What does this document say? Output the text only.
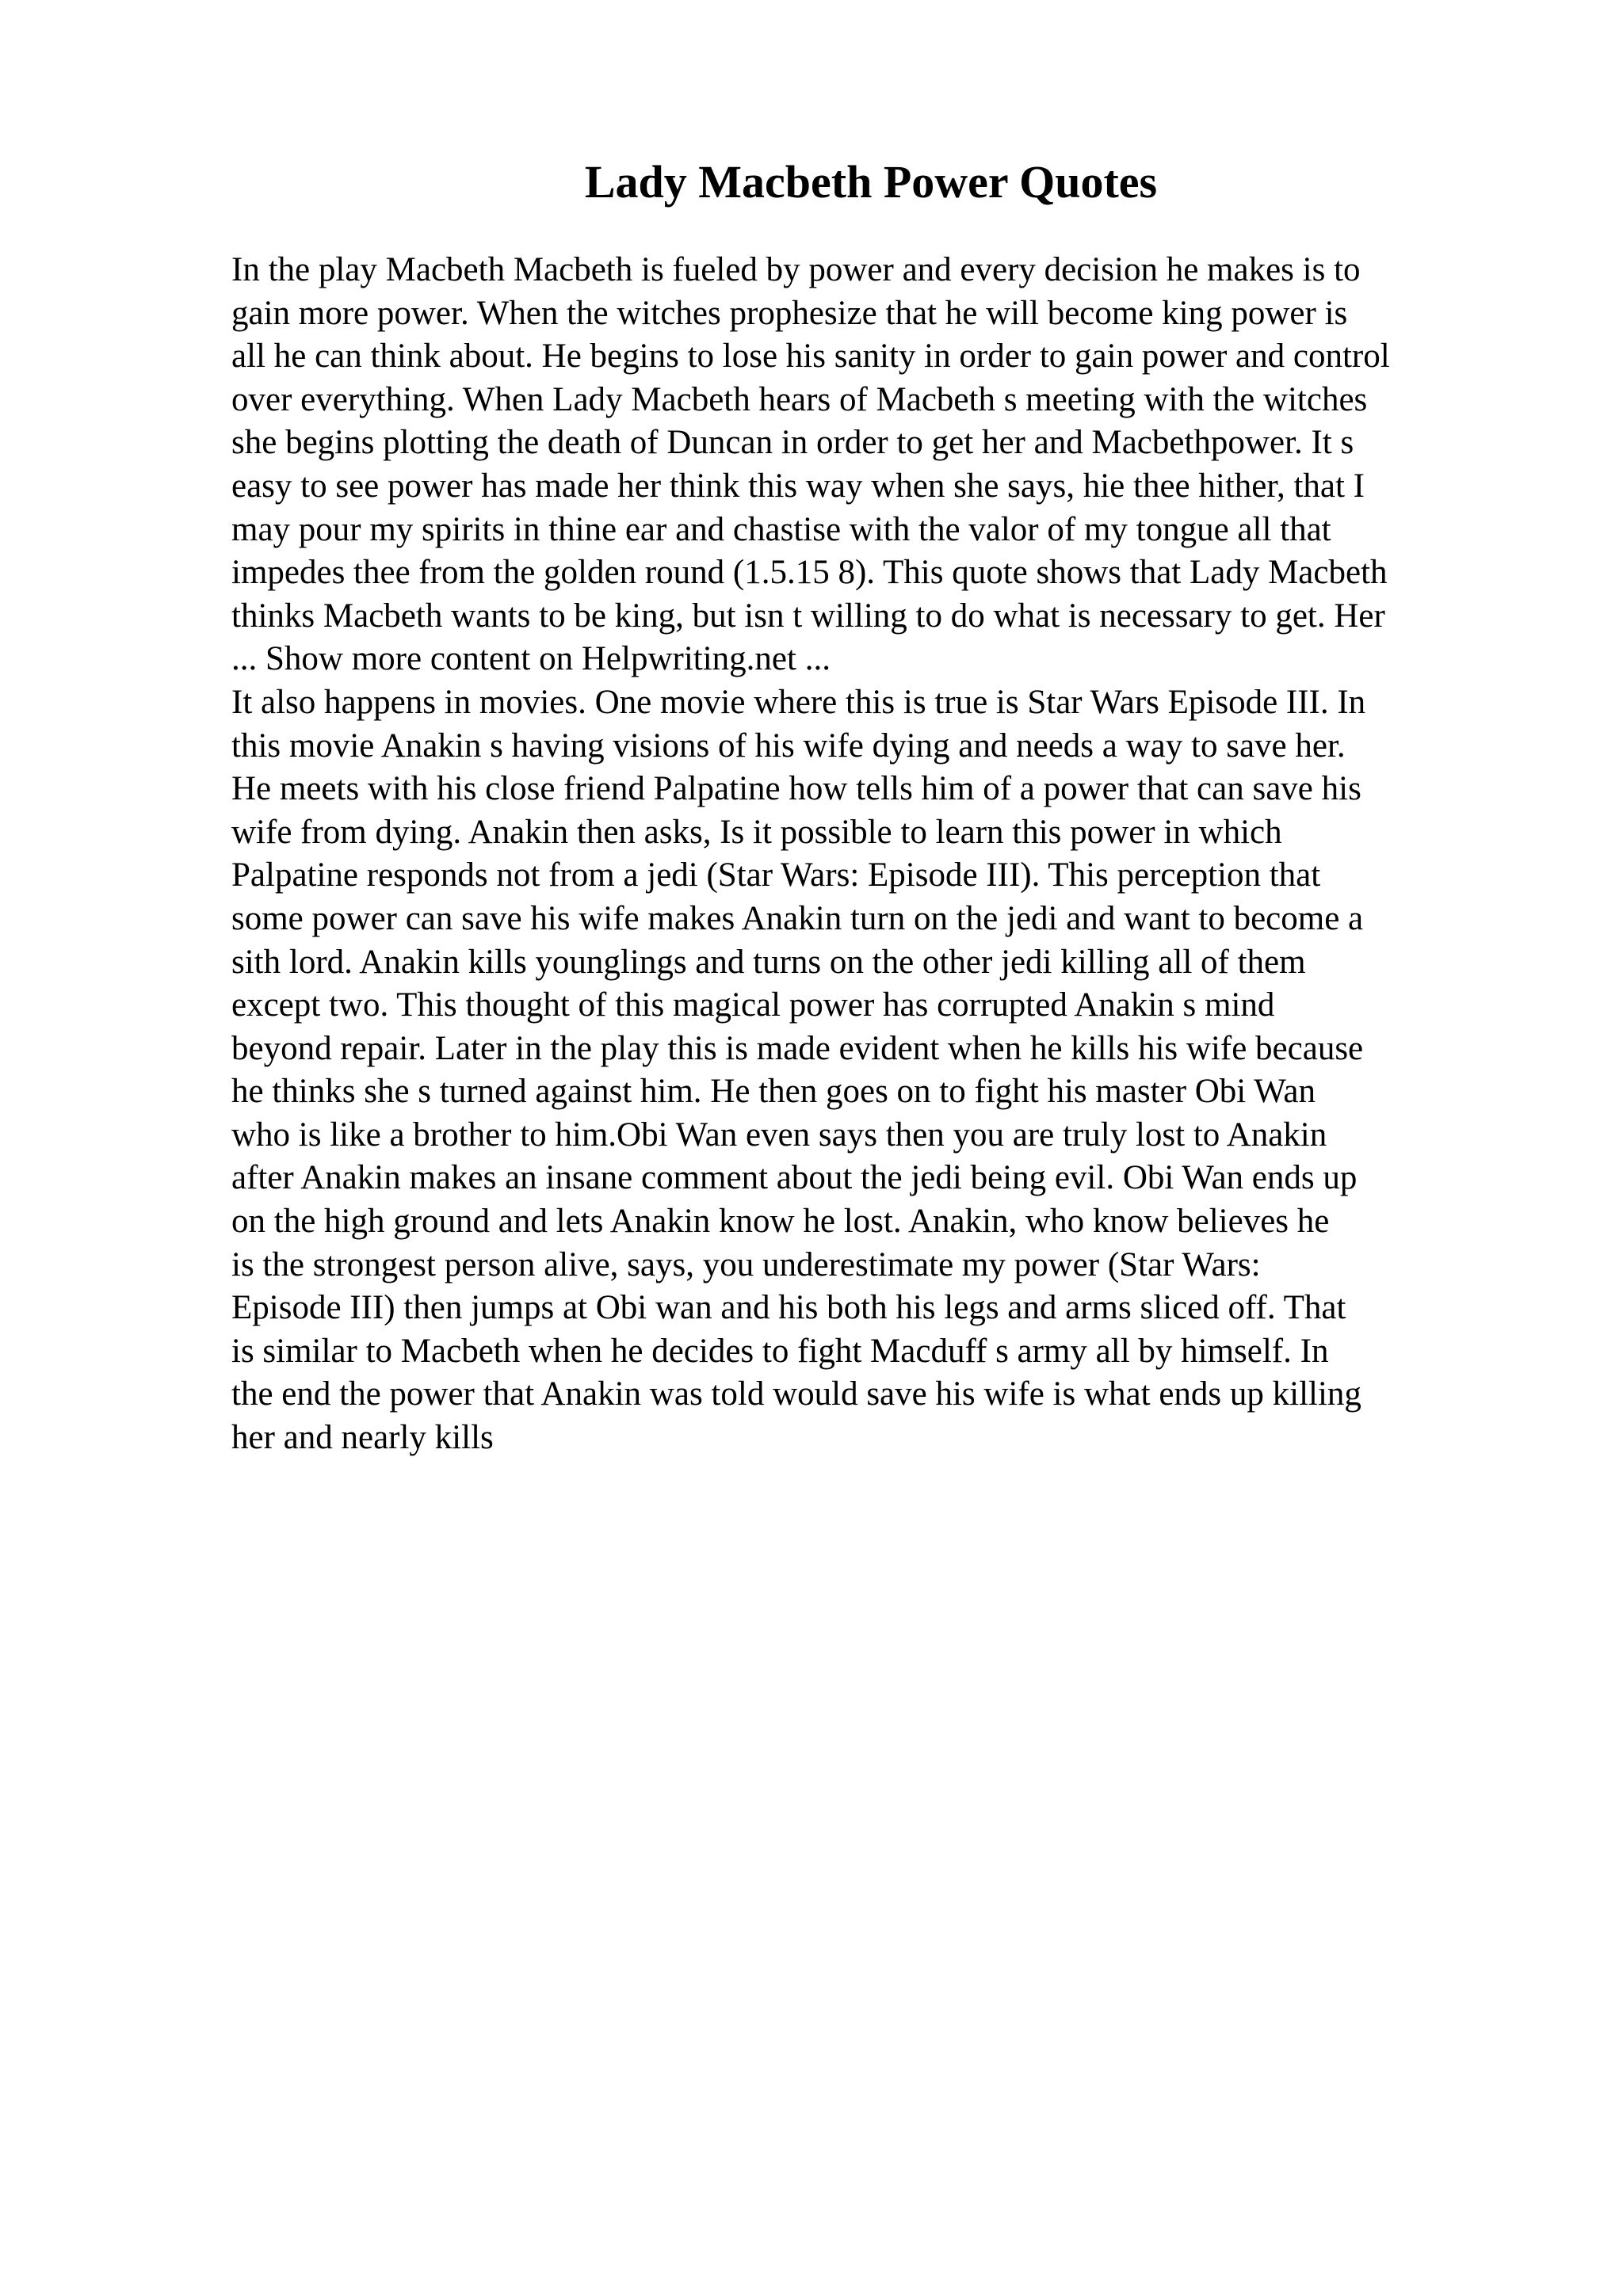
Lady Macbeth Power Quotes
In the play Macbeth Macbeth is fueled by power and every decision he makes is to
gain more power. When the witches prophesize that he will become king power is
all he can think about. He begins to lose his sanity in order to gain power and control
over everything. When Lady Macbeth hears of Macbeth s meeting with the witches
she begins plotting the death of Duncan in order to get her and Macbethpower. It s
easy to see power has made her think this way when she says, hie thee hither, that I
may pour my spirits in thine ear and chastise with the valor of my tongue all that
impedes thee from the golden round (1.5.15 8). This quote shows that Lady Macbeth
thinks Macbeth wants to be king, but isn t willing to do what is necessary to get. Her
... Show more content on Helpwriting.net ...
It also happens in movies. One movie where this is true is Star Wars Episode III. In
this movie Anakin s having visions of his wife dying and needs a way to save her.
He meets with his close friend Palpatine how tells him of a power that can save his
wife from dying. Anakin then asks, Is it possible to learn this power in which
Palpatine responds not from a jedi (Star Wars: Episode III). This perception that
some power can save his wife makes Anakin turn on the jedi and want to become a
sith lord. Anakin kills younglings and turns on the other jedi killing all of them
except two. This thought of this magical power has corrupted Anakin s mind
beyond repair. Later in the play this is made evident when he kills his wife because
he thinks she s turned against him. He then goes on to fight his master Obi Wan
who is like a brother to him.Obi Wan even says then you are truly lost to Anakin
after Anakin makes an insane comment about the jedi being evil. Obi Wan ends up
on the high ground and lets Anakin know he lost. Anakin, who know believes he
is the strongest person alive, says, you underestimate my power (Star Wars:
Episode III) then jumps at Obi wan and his both his legs and arms sliced off. That
is similar to Macbeth when he decides to fight Macduff s army all by himself. In
the end the power that Anakin was told would save his wife is what ends up killing
her and nearly kills
